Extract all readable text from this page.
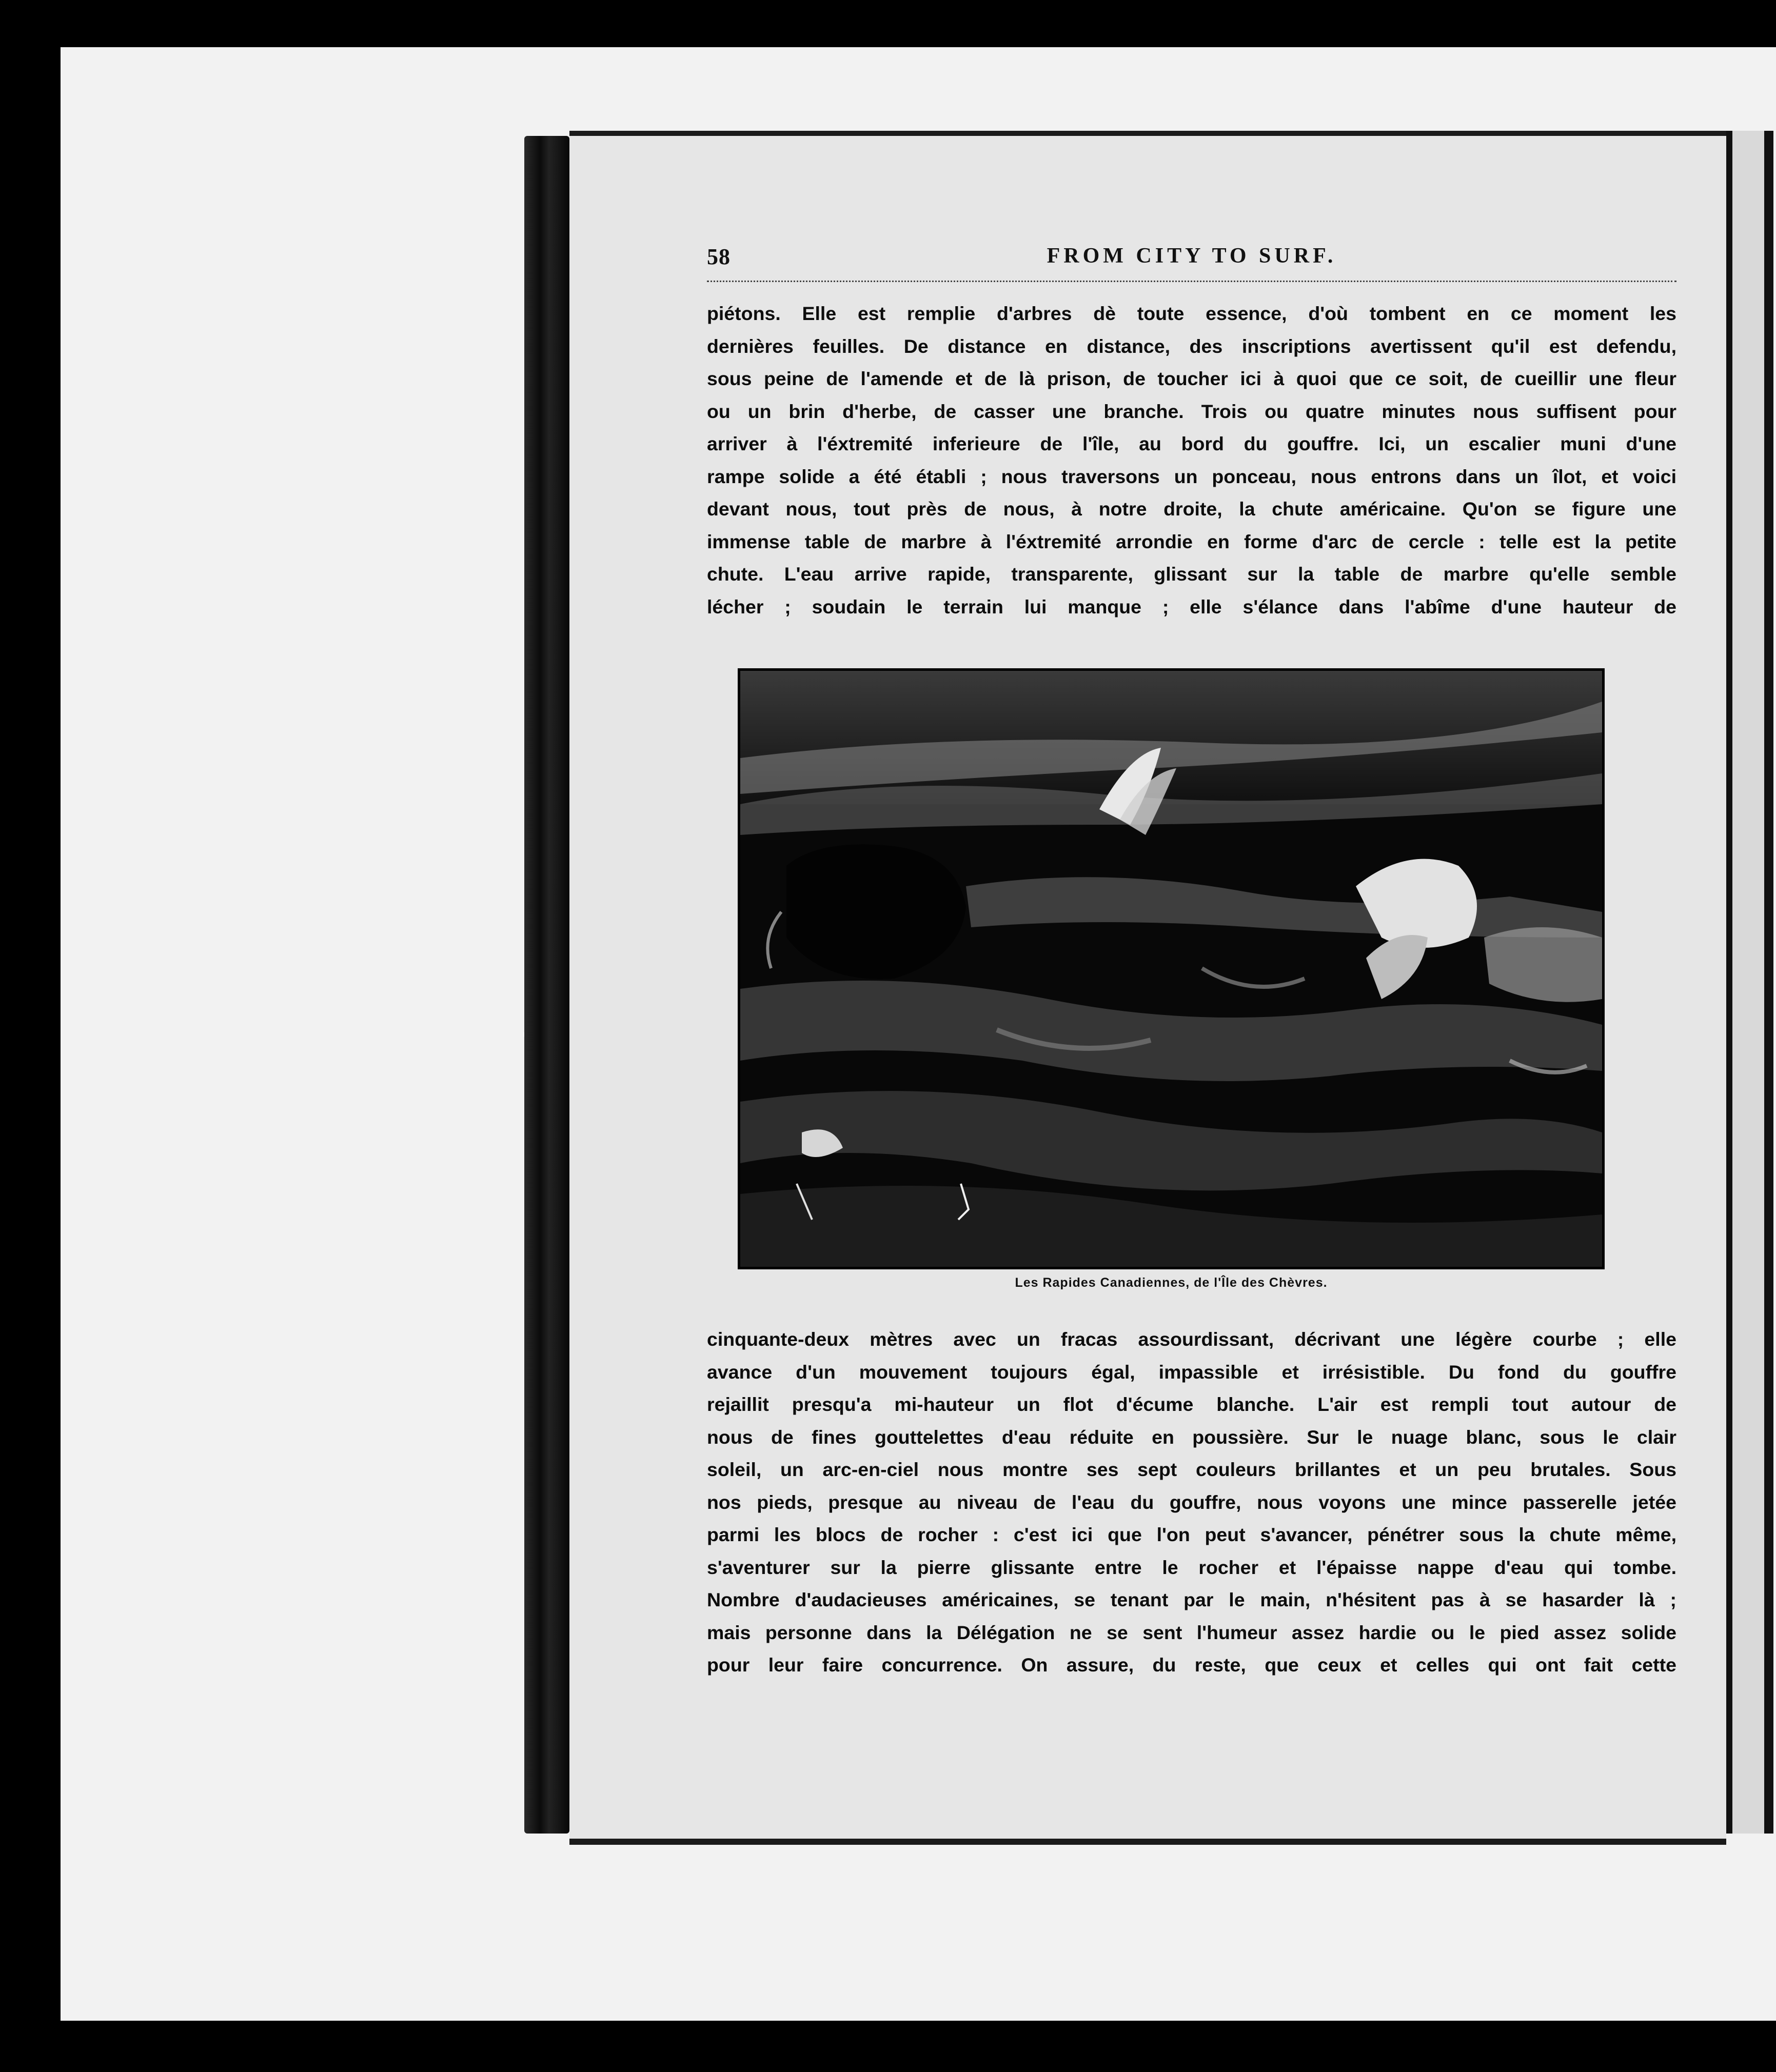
58	FROM CITY TO SURF.
piétons. Elle est remplie d'arbres dè toute essence, d'où tombent en ce moment les
dernières feuilles. De distance en distance, des inscriptions avertissent qu'il est defendu,
sous peine de l'amende et de là prison, de toucher ici à quoi que ce soit, de cueillir une fleur
ou un brin d'herbe, de casser une branche. Trois ou quatre minutes nous suffisent pour
arriver à l'éxtremité inferieure de l'île, au bord du gouffre. Ici, un escalier muni d'une
rampe solide a été établi ; nous traversons un ponceau, nous entrons dans un îlot, et voici
devant nous, tout près de nous, à notre droite, la chute américaine. Qu'on se figure une
immense table de marbre à l'éxtremité arrondie en forme d'arc de cercle : telle est la petite
chute. L'eau arrive rapide, transparente, glissant sur la table de marbre qu'elle semble
lécher ; soudain le terrain lui manque ; elle s'élance dans l'abîme d'une hauteur de
Les Rapides Canadiennes, de l'Île des Chèvres.
cinquante-deux mètres avec un fracas assourdissant, décrivant une légère courbe ; elle
avance d'un mouvement toujours égal, impassible et irrésistible. Du fond du gouffre
rejaillit presqu'a mi-hauteur un flot d'écume blanche. L'air est rempli tout autour de
nous de fines gouttelettes d'eau réduite en poussière. Sur le nuage blanc, sous le clair
soleil, un arc-en-ciel nous montre ses sept couleurs brillantes et un peu brutales. Sous
nos pieds, presque au niveau de l'eau du gouffre, nous voyons une mince passerelle jetée
parmi les blocs de rocher : c'est ici que l'on peut s'avancer, pénétrer sous la chute même,
s'aventurer sur la pierre glissante entre le rocher et l'épaisse nappe d'eau qui tombe.
Nombre d'audacieuses américaines, se tenant par le main, n'hésitent pas à se hasarder là ;
mais personne dans la Délégation ne se sent l'humeur assez hardie ou le pied assez solide
pour leur faire concurrence. On assure, du reste, que ceux et celles qui ont fait cette
